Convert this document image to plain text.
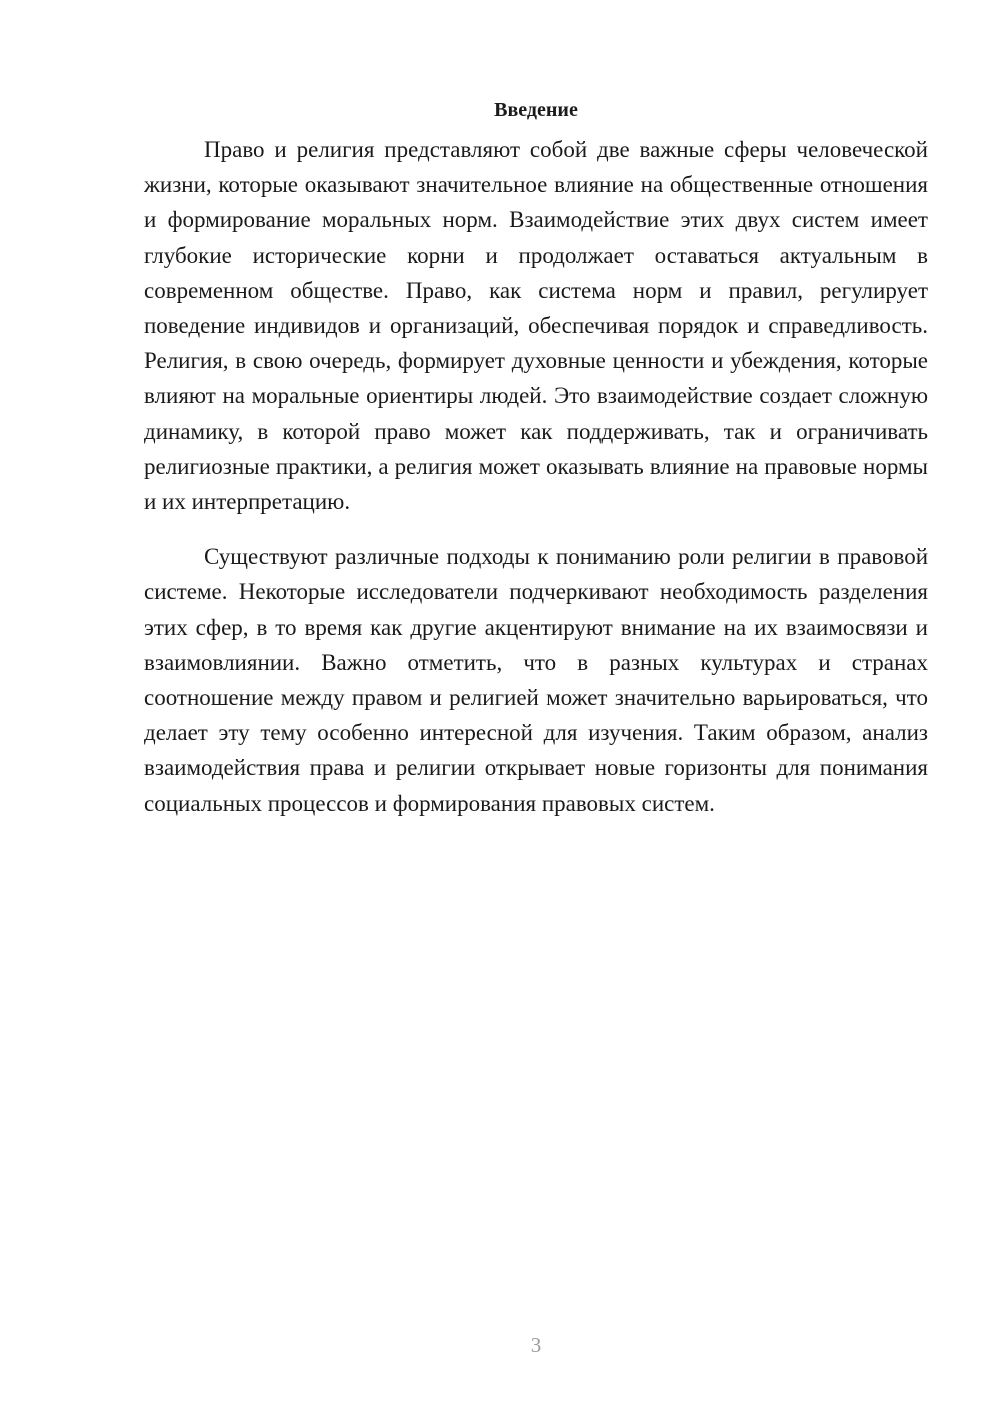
Введение

Право и религия представляют собой две важные сферы человеческой жизни, которые оказывают значительное влияние на общественные отношения и формирование моральных норм. Взаимодействие этих двух систем имеет глубокие исторические корни и продолжает оставаться актуальным в современном обществе. Право, как система норм и правил, регулирует поведение индивидов и организаций, обеспечивая порядок и справедливость. Религия, в свою очередь, формирует духовные ценности и убеждения, которые влияют на моральные ориентиры людей. Это взаимодействие создает сложную динамику, в которой право может как поддерживать, так и ограничивать религиозные практики, а религия может оказывать влияние на правовые нормы и их интерпретацию.

Существуют различные подходы к пониманию роли религии в правовой системе. Некоторые исследователи подчеркивают необходимость разделения этих сфер, в то время как другие акцентируют внимание на их взаимосвязи и взаимовлиянии. Важно отметить, что в разных культурах и странах соотношение между правом и религией может значительно варьироваться, что делает эту тему особенно интересной для изучения. Таким образом, анализ взаимодействия права и религии открывает новые горизонты для понимания социальных процессов и формирования правовых систем.

3
